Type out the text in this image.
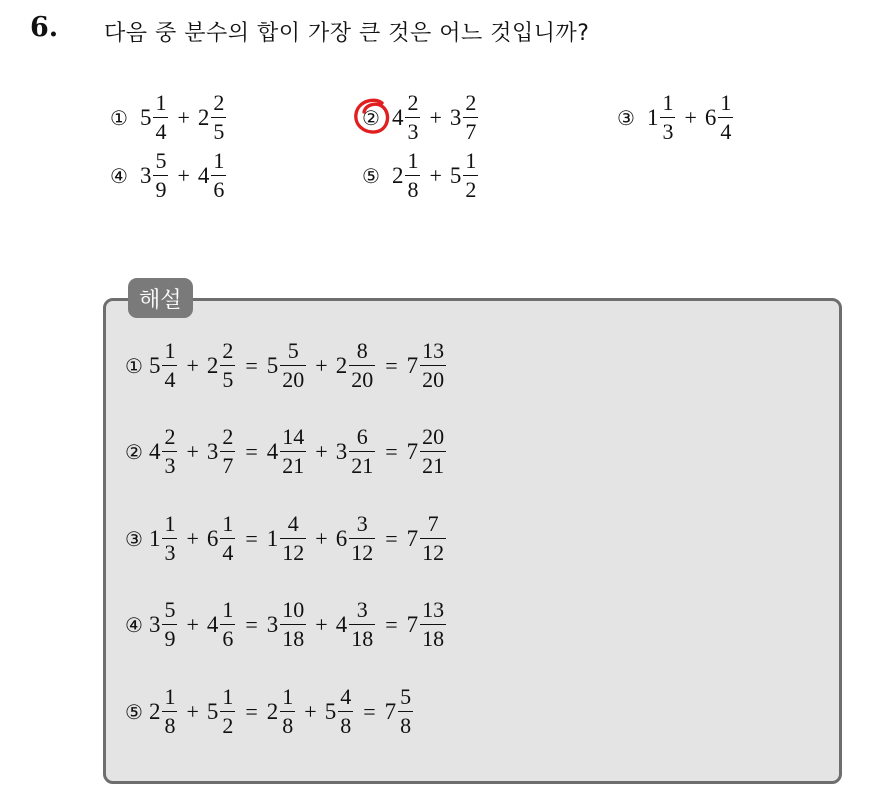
6. 다음 중 분수의 합이 가장 큰 것은 어느 것입니까?
① $5 \frac{1}{4} + 2 \frac{2}{5}$	② $4 \frac{2}{3} + 3 \frac{2}{7}$	③ $1 \frac{1}{3} + 6 \frac{1}{4}$
④ $3 \frac{5}{9} + 4 \frac{1}{6}$	⑤ $2 \frac{1}{8} + 5 \frac{1}{2}$
해설
① $5 \frac{1}{4} + 2 \frac{2}{5} = 5 \frac{5}{20} + 2 \frac{8}{20} = 7 \frac{13}{20}$
② $4 \frac{2}{3} + 3 \frac{2}{7} = 4 \frac{14}{21} + 3 \frac{6}{21} = 7 \frac{20}{21}$
③ $1 \frac{1}{3} + 6 \frac{1}{4} = 1 \frac{4}{12} + 6 \frac{3}{12} = 7 \frac{7}{12}$
④ $3 \frac{5}{9} + 4 \frac{1}{6} = 3 \frac{10}{18} + 4 \frac{3}{18} = 7 \frac{13}{18}$
⑤ $2 \frac{1}{8} + 5 \frac{1}{2} = 2 \frac{1}{8} + 5 \frac{4}{8} = 7 \frac{5}{8}$
